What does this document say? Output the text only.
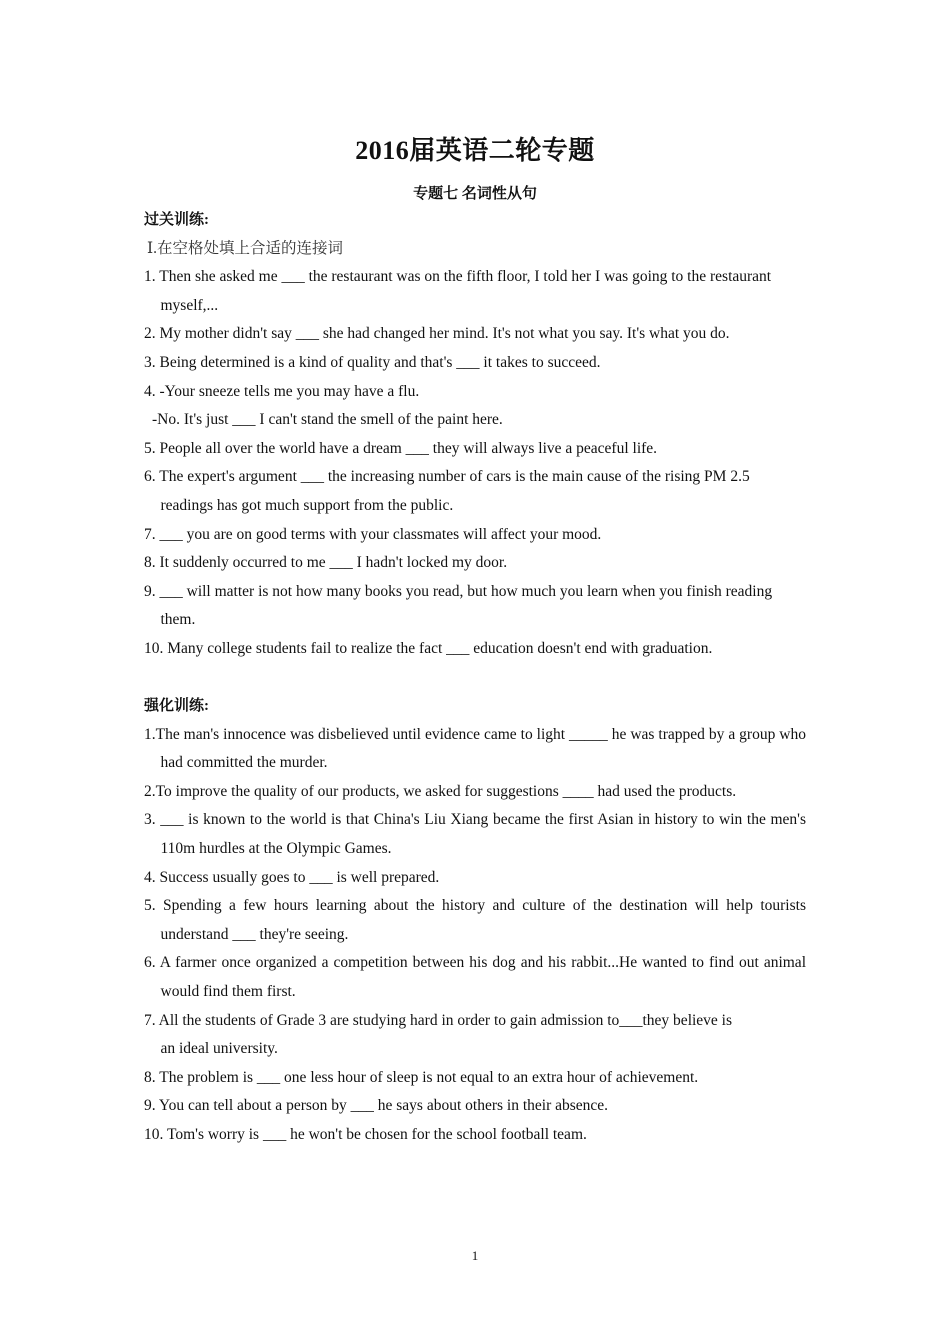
2016届英语二轮专题
专题七 名词性从句
过关训练:
Ⅰ.在空格处填上合适的连接词
1. Then she asked me ___ the restaurant was on the fifth floor, I told her I was going to the restaurant myself,...
2. My mother didn't say ___ she had changed her mind. It's not what you say. It's what you do.
3. Being determined is a kind of quality and that's ___ it takes to succeed.
4. -Your sneeze tells me you may have a flu.
-No. It's just ___ I can't stand the smell of the paint here.
5. People all over the world have a dream ___ they will always live a peaceful life.
6. The expert's argument ___ the increasing number of cars is the main cause of the rising PM 2.5 readings has got much support from the public.
7. ___ you are on good terms with your classmates will affect your mood.
8. It suddenly occurred to me ___ I hadn't locked my door.
9. ___ will matter is not how many books you read, but how much you learn when you finish reading them.
10. Many college students fail to realize the fact ___ education doesn't end with graduation.
强化训练:
1.The man's innocence was disbelieved until evidence came to light _____ he was trapped by a group who had committed the murder.
2.To improve the quality of our products, we asked for suggestions ____ had used the products.
3. ___ is known to the world is that China's Liu Xiang became the first Asian in history to win the men's 110m hurdles at the Olympic Games.
4. Success usually goes to ___ is well prepared.
5. Spending a few hours learning about the history and culture of the destination will help tourists understand ___ they're seeing.
6. A farmer once organized a competition between his dog and his rabbit...He wanted to find out animal would find them first.
7. All the students of Grade 3 are studying hard in order to gain admission to___they believe is
an ideal university.
8. The problem is ___ one less hour of sleep is not equal to an extra hour of achievement.
9. You can tell about a person by ___ he says about others in their absence.
10. Tom's worry is ___ he won't be chosen for the school football team.
1
